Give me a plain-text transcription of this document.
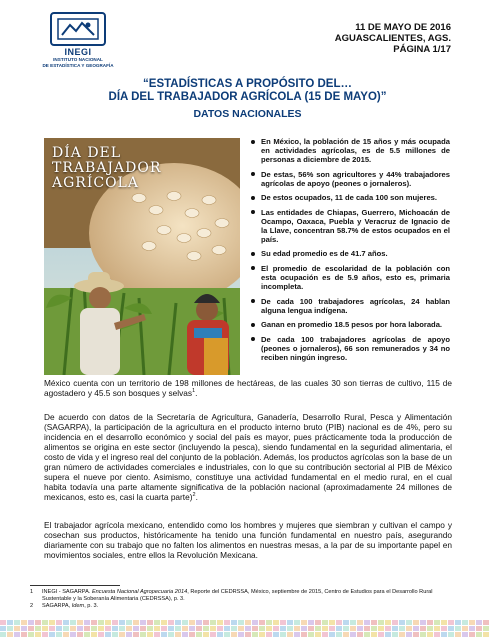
INEGI
INSTITUTO NACIONAL
DE ESTADÍSTICA Y GEOGRAFÍA
11 DE MAYO DE 2016
AGUASCALIENTES, AGS.
PÁGINA 1/17
“ESTADÍSTICAS A PROPÓSITO DEL…
DÍA DEL TRABAJADOR AGRÍCOLA (15 DE MAYO)”
DATOS NACIONALES
DÍA DEL
TRABAJADOR
AGRÍCOLA
En México, la población de 15 años y más ocupada en actividades agrícolas, es de 5.5 millones de personas a diciembre de 2015.
De estas, 56% son agricultores y 44% trabajadores agrícolas de apoyo (peones o jornaleros).
De estos ocupados, 11 de cada 100 son mujeres.
Las entidades de Chiapas, Guerrero, Michoacán de Ocampo, Oaxaca, Puebla y Veracruz de Ignacio de la Llave, concentran 58.7% de estos ocupados en el país.
Su edad promedio es de 41.7 años.
El promedio de escolaridad de la población con esta ocupación es de 5.9 años, esto es, primaria incompleta.
De cada 100 trabajadores agrícolas, 24 hablan alguna lengua indígena.
Ganan en promedio 18.5 pesos por hora laborada.
De cada 100 trabajadores agrícolas de apoyo (peones o jornaleros), 66 son remunerados y 34 no reciben ningún ingreso.

México cuenta con un territorio de 198 millones de hectáreas, de las cuales 30 son tierras de cultivo, 115 de agostadero y 45.5 son bosques y selvas$^1$.

De acuerdo con datos de la Secretaría de Agricultura, Ganadería, Desarrollo Rural, Pesca y Alimentación (SAGARPA), la participación de la agricultura en el producto interno bruto (PIB) nacional es de 4%, pero su incidencia en el desarrollo económico y social del país es mayor, pues prácticamente toda la producción de alimentos se origina en este sector (incluyendo la pesca), siendo fundamental en la seguridad alimentaria, el costo de vida y el ingreso real del conjunto de la población. Además, los productos agrícolas son la base de un gran número de actividades comerciales e industriales, con lo que su contribución sectorial al PIB de México supera el nueve por ciento. Asimismo, constituye una actividad fundamental en el medio rural, en el cual habita todavía una parte altamente significativa de la población nacional (aproximadamente 24 millones de mexicanos, esto es, casi la cuarta parte)$^2$.

El trabajador agrícola mexicano, entendido como los hombres y mujeres que siembran y cultivan el campo y cosechan sus productos, históricamente ha tenido una función fundamental en nuestro país, asegurando diariamente con su trabajo que no falten los alimentos en nuestras mesas, a la par de su importante papel en movimientos sociales, entre ellos la Revolución Mexicana.

1	INEGI - SAGARPA. Encuesta Nacional Agropecuaria 2014, Reporte del CEDRSSA, México, septiembre de 2015, Centro de Estudios para el Desarrollo Rural Sustentable y la Soberanía Alimentaria (CEDRSSA), p. 3.
2	SAGARPA, Idem, p. 3.
